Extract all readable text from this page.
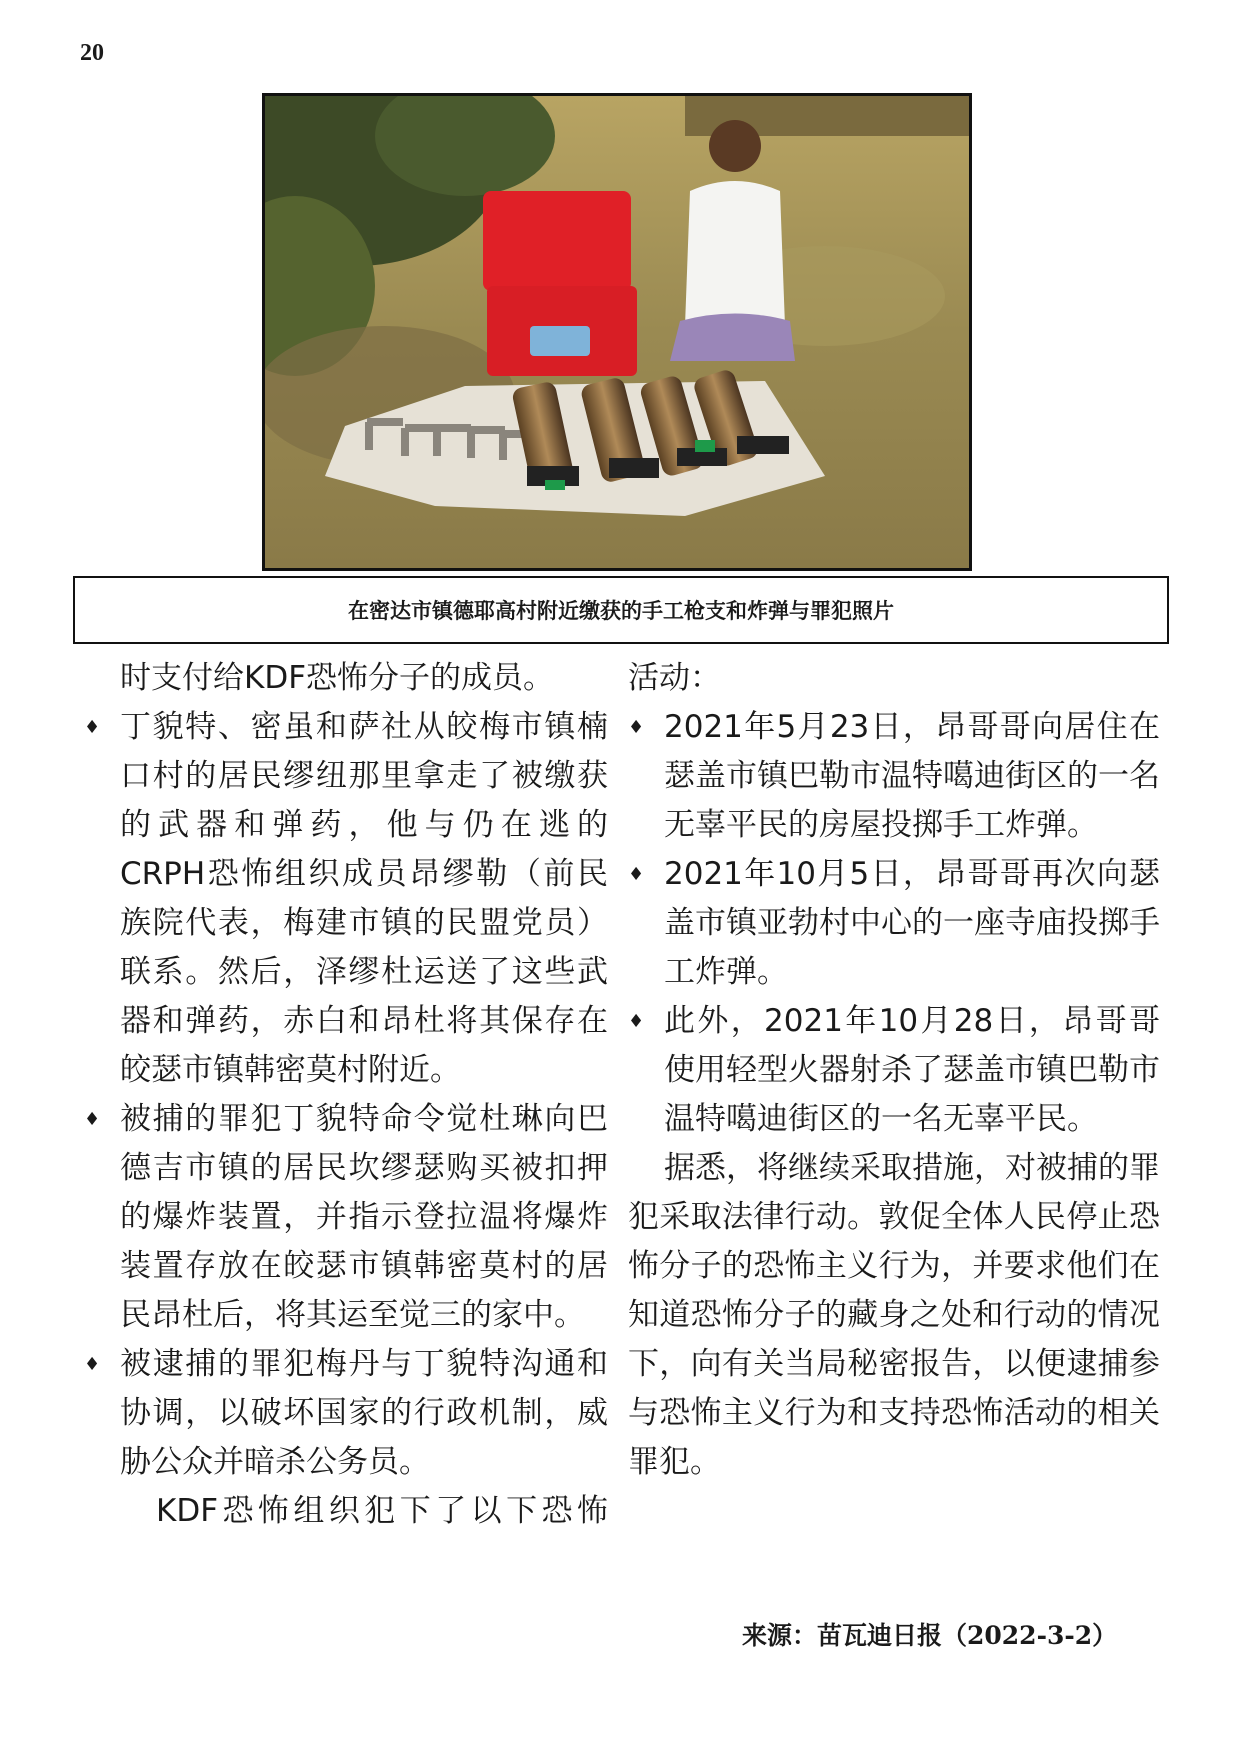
20
在密达市镇德耶高村附近缴获的手工枪支和炸弹与罪犯照片

时支付给KDF恐怖分子的成员。

♦ 丁貌特、密虽和萨社从皎梅市镇楠口村的居民缪纽那里拿走了被缴获的武器和弹药，他与仍在逃的CRPH恐怖组织成员昂缪勒（前民族院代表，梅建市镇的民盟党员）联系。然后，泽缪杜运送了这些武器和弹药，赤白和昂杜将其保存在皎瑟市镇韩密莫村附近。

♦ 被捕的罪犯丁貌特命令觉杜琳向巴德吉市镇的居民坎缪瑟购买被扣押的爆炸装置，并指示登拉温将爆炸装置存放在皎瑟市镇韩密莫村的居民昂杜后，将其运至觉三的家中。

♦ 被逮捕的罪犯梅丹与丁貌特沟通和协调，以破坏国家的行政机制，威胁公众并暗杀公务员。

KDF恐怖组织犯下了以下恐怖

活动：

♦ 2021年5月23日，昂哥哥向居住在瑟盖市镇巴勒市温特噶迪街区的一名无辜平民的房屋投掷手工炸弹。

♦ 2021年10月5日，昂哥哥再次向瑟盖市镇亚勃村中心的一座寺庙投掷手工炸弹。

♦ 此外，2021年10月28日，昂哥哥使用轻型火器射杀了瑟盖市镇巴勒市温特噶迪街区的一名无辜平民。

据悉，将继续采取措施，对被捕的罪犯采取法律行动。敦促全体人民停止恐怖分子的恐怖主义行为，并要求他们在知道恐怖分子的藏身之处和行动的情况下，向有关当局秘密报告，以便逮捕参与恐怖主义行为和支持恐怖活动的相关罪犯。

来源：苗瓦迪日报（2022-3-2）
